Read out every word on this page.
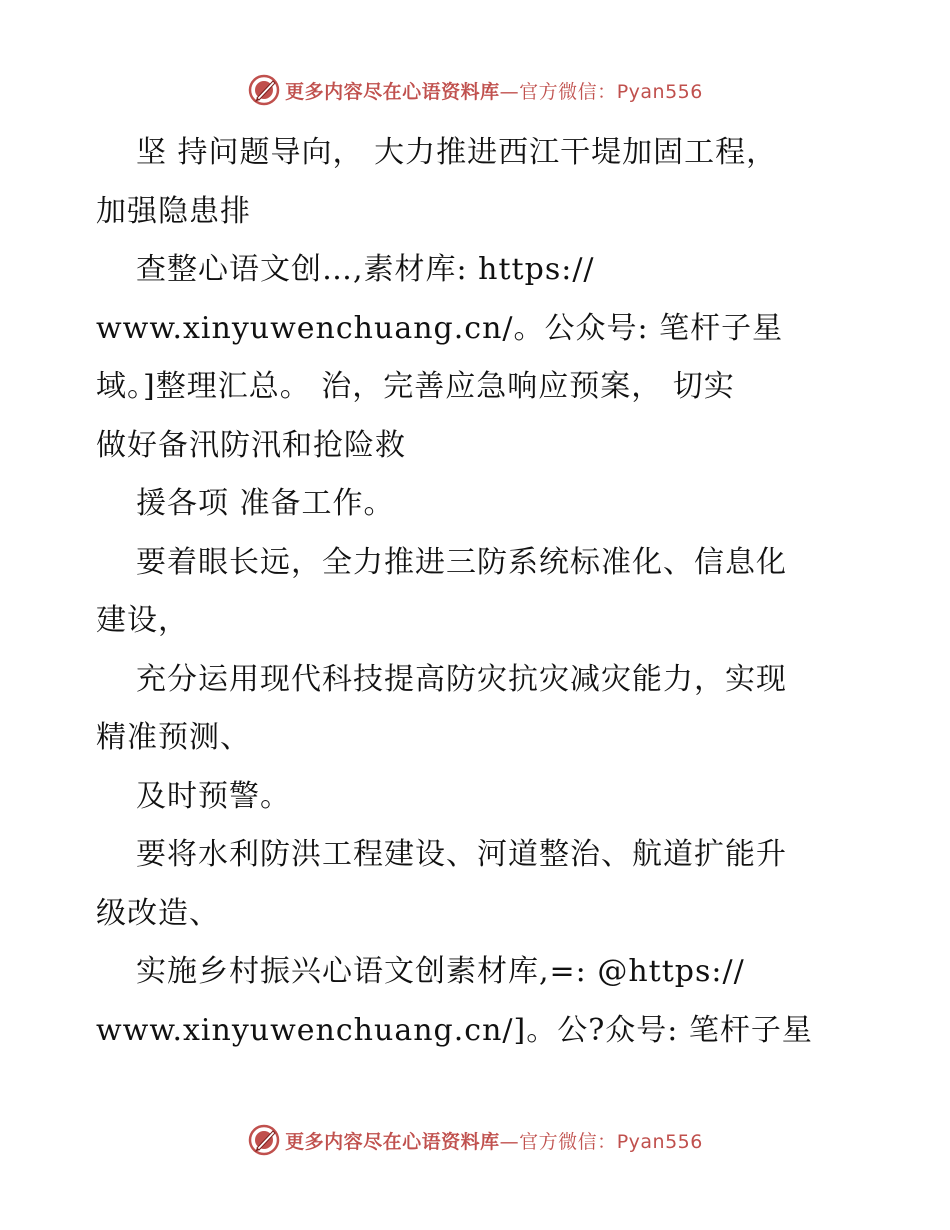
更多内容尽在心语资料库—官方微信：Pyan556
坚 持问题导向， 大力推进西江干堤加固工程，
加强隐患排
查整心语文创…,素材库: https://
www.xinyuwenchuang.cn/。公众号: 笔杆子星
域。]整理汇总。 治，完善应急响应预案， 切实
做好备汛防汛和抢险救
援各项 准备工作。
要着眼长远，全力推进三防系统标准化、信息化
建设，
充分运用现代科技提高防灾抗灾减灾能力，实现
精准预测、
及时预警。
要将水利防洪工程建设、河道整治、航道扩能升
级改造、
实施乡村振兴心语文创素材库,=: @https://
www.xinyuwenchuang.cn/]。公?众号: 笔杆子星
更多内容尽在心语资料库—官方微信：Pyan556
